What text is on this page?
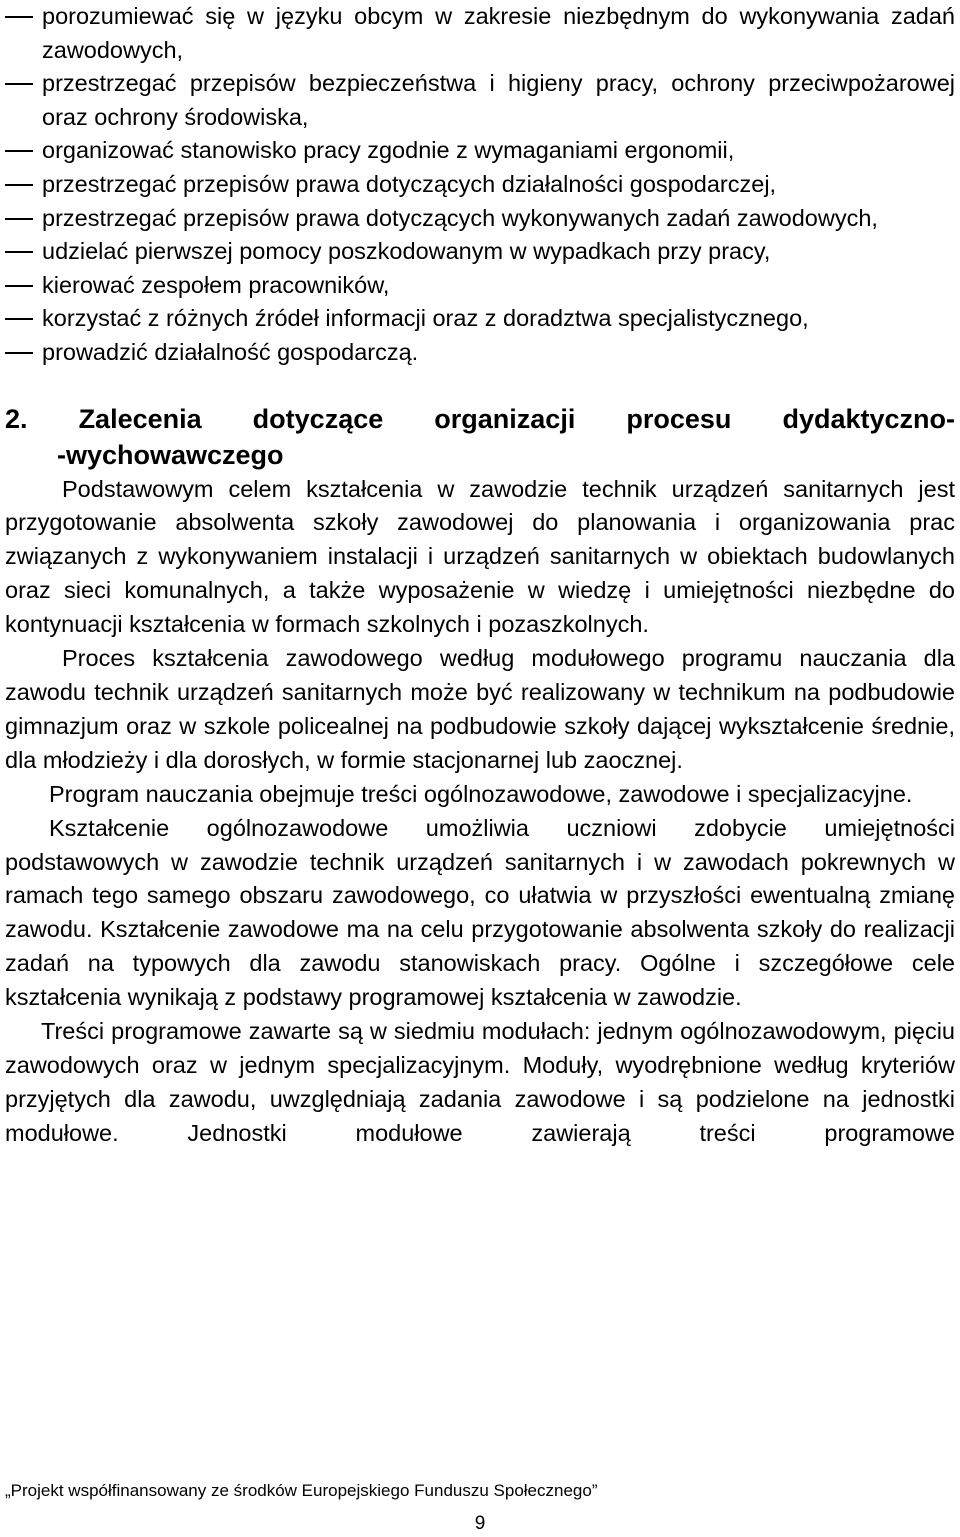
porozumiewać się w języku obcym w zakresie niezbędnym do wykonywania zadań zawodowych,
przestrzegać przepisów bezpieczeństwa i higieny pracy, ochrony przeciwpożarowej oraz ochrony środowiska,
organizować stanowisko pracy zgodnie z wymaganiami ergonomii,
przestrzegać przepisów prawa dotyczących działalności gospodarczej,
przestrzegać przepisów prawa dotyczących wykonywanych zadań zawodowych,
udzielać pierwszej pomocy poszkodowanym w wypadkach przy pracy,
kierować zespołem pracowników,
korzystać z różnych źródeł informacji oraz z doradztwa specjalistycznego,
prowadzić działalność gospodarczą.
2. Zalecenia dotyczące organizacji procesu dydaktyczno-
-wychowawczego

Podstawowym celem kształcenia w zawodzie technik urządzeń sanitarnych jest przygotowanie absolwenta szkoły zawodowej do planowania i organizowania prac związanych z wykonywaniem instalacji i urządzeń sanitarnych w obiektach budowlanych oraz sieci komunalnych, a także wyposażenie w wiedzę i umiejętności niezbędne do kontynuacji kształcenia w formach szkolnych i pozaszkolnych.

Proces kształcenia zawodowego według modułowego programu nauczania dla zawodu technik urządzeń sanitarnych może być realizowany w technikum na podbudowie gimnazjum oraz w szkole policealnej na podbudowie szkoły dającej wykształcenie średnie, dla młodzieży i dla dorosłych, w formie stacjonarnej lub zaocznej.

Program nauczania obejmuje treści ogólnozawodowe, zawodowe i specjalizacyjne.

Kształcenie ogólnozawodowe umożliwia uczniowi zdobycie umiejętności podstawowych w zawodzie technik urządzeń sanitarnych i w zawodach pokrewnych w ramach tego samego obszaru zawodowego, co ułatwia w przyszłości ewentualną zmianę zawodu. Kształcenie zawodowe ma na celu przygotowanie absolwenta szkoły do realizacji zadań na typowych dla zawodu stanowiskach pracy. Ogólne i szczegółowe cele kształcenia wynikają z podstawy programowej kształcenia w zawodzie.

Treści programowe zawarte są w siedmiu modułach: jednym ogólnozawodowym, pięciu zawodowych oraz w jednym specjalizacyjnym. Moduły, wyodrębnione według kryteriów przyjętych dla zawodu, uwzględniają zadania zawodowe i są podzielone na jednostki modułowe. Jednostki modułowe zawierają treści programowe

„Projekt współfinansowany ze środków Europejskiego Funduszu Społecznego”
9
